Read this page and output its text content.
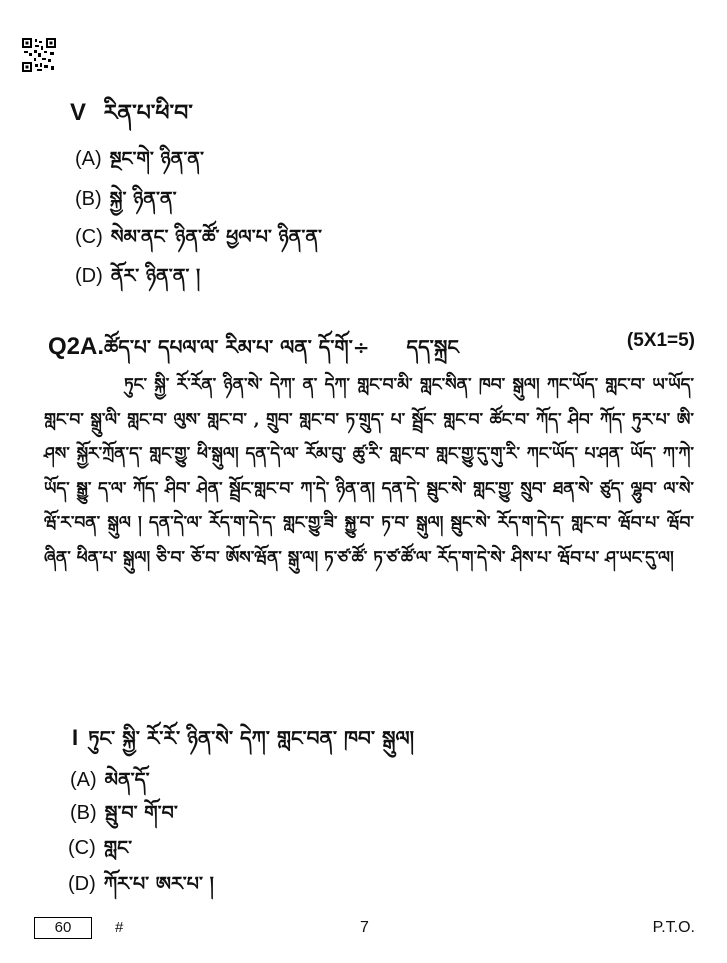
V རིན་པ་ཕི་བ་
(A) སྔང་གེ་ ཉིན་ན་
(B) སྐྱེ་ ཉིན་ན་
(C) སེམ་ནང་ ཉིན་ཚོ་ ཕྱལ་པ་ ཉིན་ན་
(D) ནོར་ ཉིན་ན་ །
Q2A.ཚོད་པ་ དཔལ་ལ་ རིམ་པ་ ལན་ དོ་གོ་÷ དད་སྐྲང	(5X1=5)
ཏུང་ སྐྱི་ རོ་རོན་ ཉིན་སེ་ དེཀ་ ན་ དེཀ་ གླང་བ་མི་ གླང་སིན་ ཁབ་ སྒུལ། ཀང་ཡོད་ གླང་བ་ ཡ་ཡོད་ གླང་བ་ སྒྲུ་ལི་ གླང་བ་ ལུས་ གླང་བ་ , གྲུབ་ གླང་བ་ ཏ་གྲུད་ པ་ སྦྲོང་ གླང་བ་ ཚོང་བ་ ཀོད་ ཤིབ་ ཀོད་ ཏུར་པ་ ཨི་ཤས་ སྐྱོར་ཀྲོན་ད་ གླང་གྱུ་ ཕི་སྒུལ། དན་དེ་ལ་ རོམ་བུ་ ཚུ་རི་ གླང་བ་ གླང་གྱུ་དུ་གུ་རི་ ཀང་ཡོད་ པ་ཤན་ ཡོད་ ཀ་ཀེ་ ཡོད་ སྒྱུ་ ད་ལ་ ཀོད་ ཤིབ་ ཤེན་ སྦྲོང་གླང་བ་ ཀ་དེ་ ཉིན་ན། དན་དེ་ སྦུང་སེ་ གླང་གྱུ་ སྲུབ་ ཐན་སེ་ ཙུད་ ལྷུབ་ ལ་སེ་ ཝོ་ར་བན་ སྒུལ ། དན་དེ་ལ་ རོད་ག་དེ་ད་ གླང་གྱུ་ཟི་ སྐྱུ་བ་ ཏ་བ་ སྒུལ། སྦུང་སེ་ རོད་ག་དེ་ད་ གླང་བ་ ཝོབ་པ་ ཝོབ་ཞིན་ ཕིན་པ་ སྒུལ། ཅི་བ་ ཅོ་བ་ ཨོས་ཝོན་ སྒུ་ལ། ཏ་ཙ་ཚོ་ ཏ་ཙ་ཚོ་ལ་ རོད་ག་དེ་སེ་ ཤིས་པ་ ཝོབ་པ་ ཤ་ཡང་དུ་ལ།
I ཏུང་ སྐྱི་ རོ་རོ་ ཉིན་སེ་ དེཀ་ གླང་བན་ ཁབ་ སྒུལ།
(A) མེན་དོ་
(B) སྦུ་བ་ གོ་བ་
(C) གླང་
(D) ཀོར་པ་ ཨར་པ་ །
60	#	7	P.T.O.
